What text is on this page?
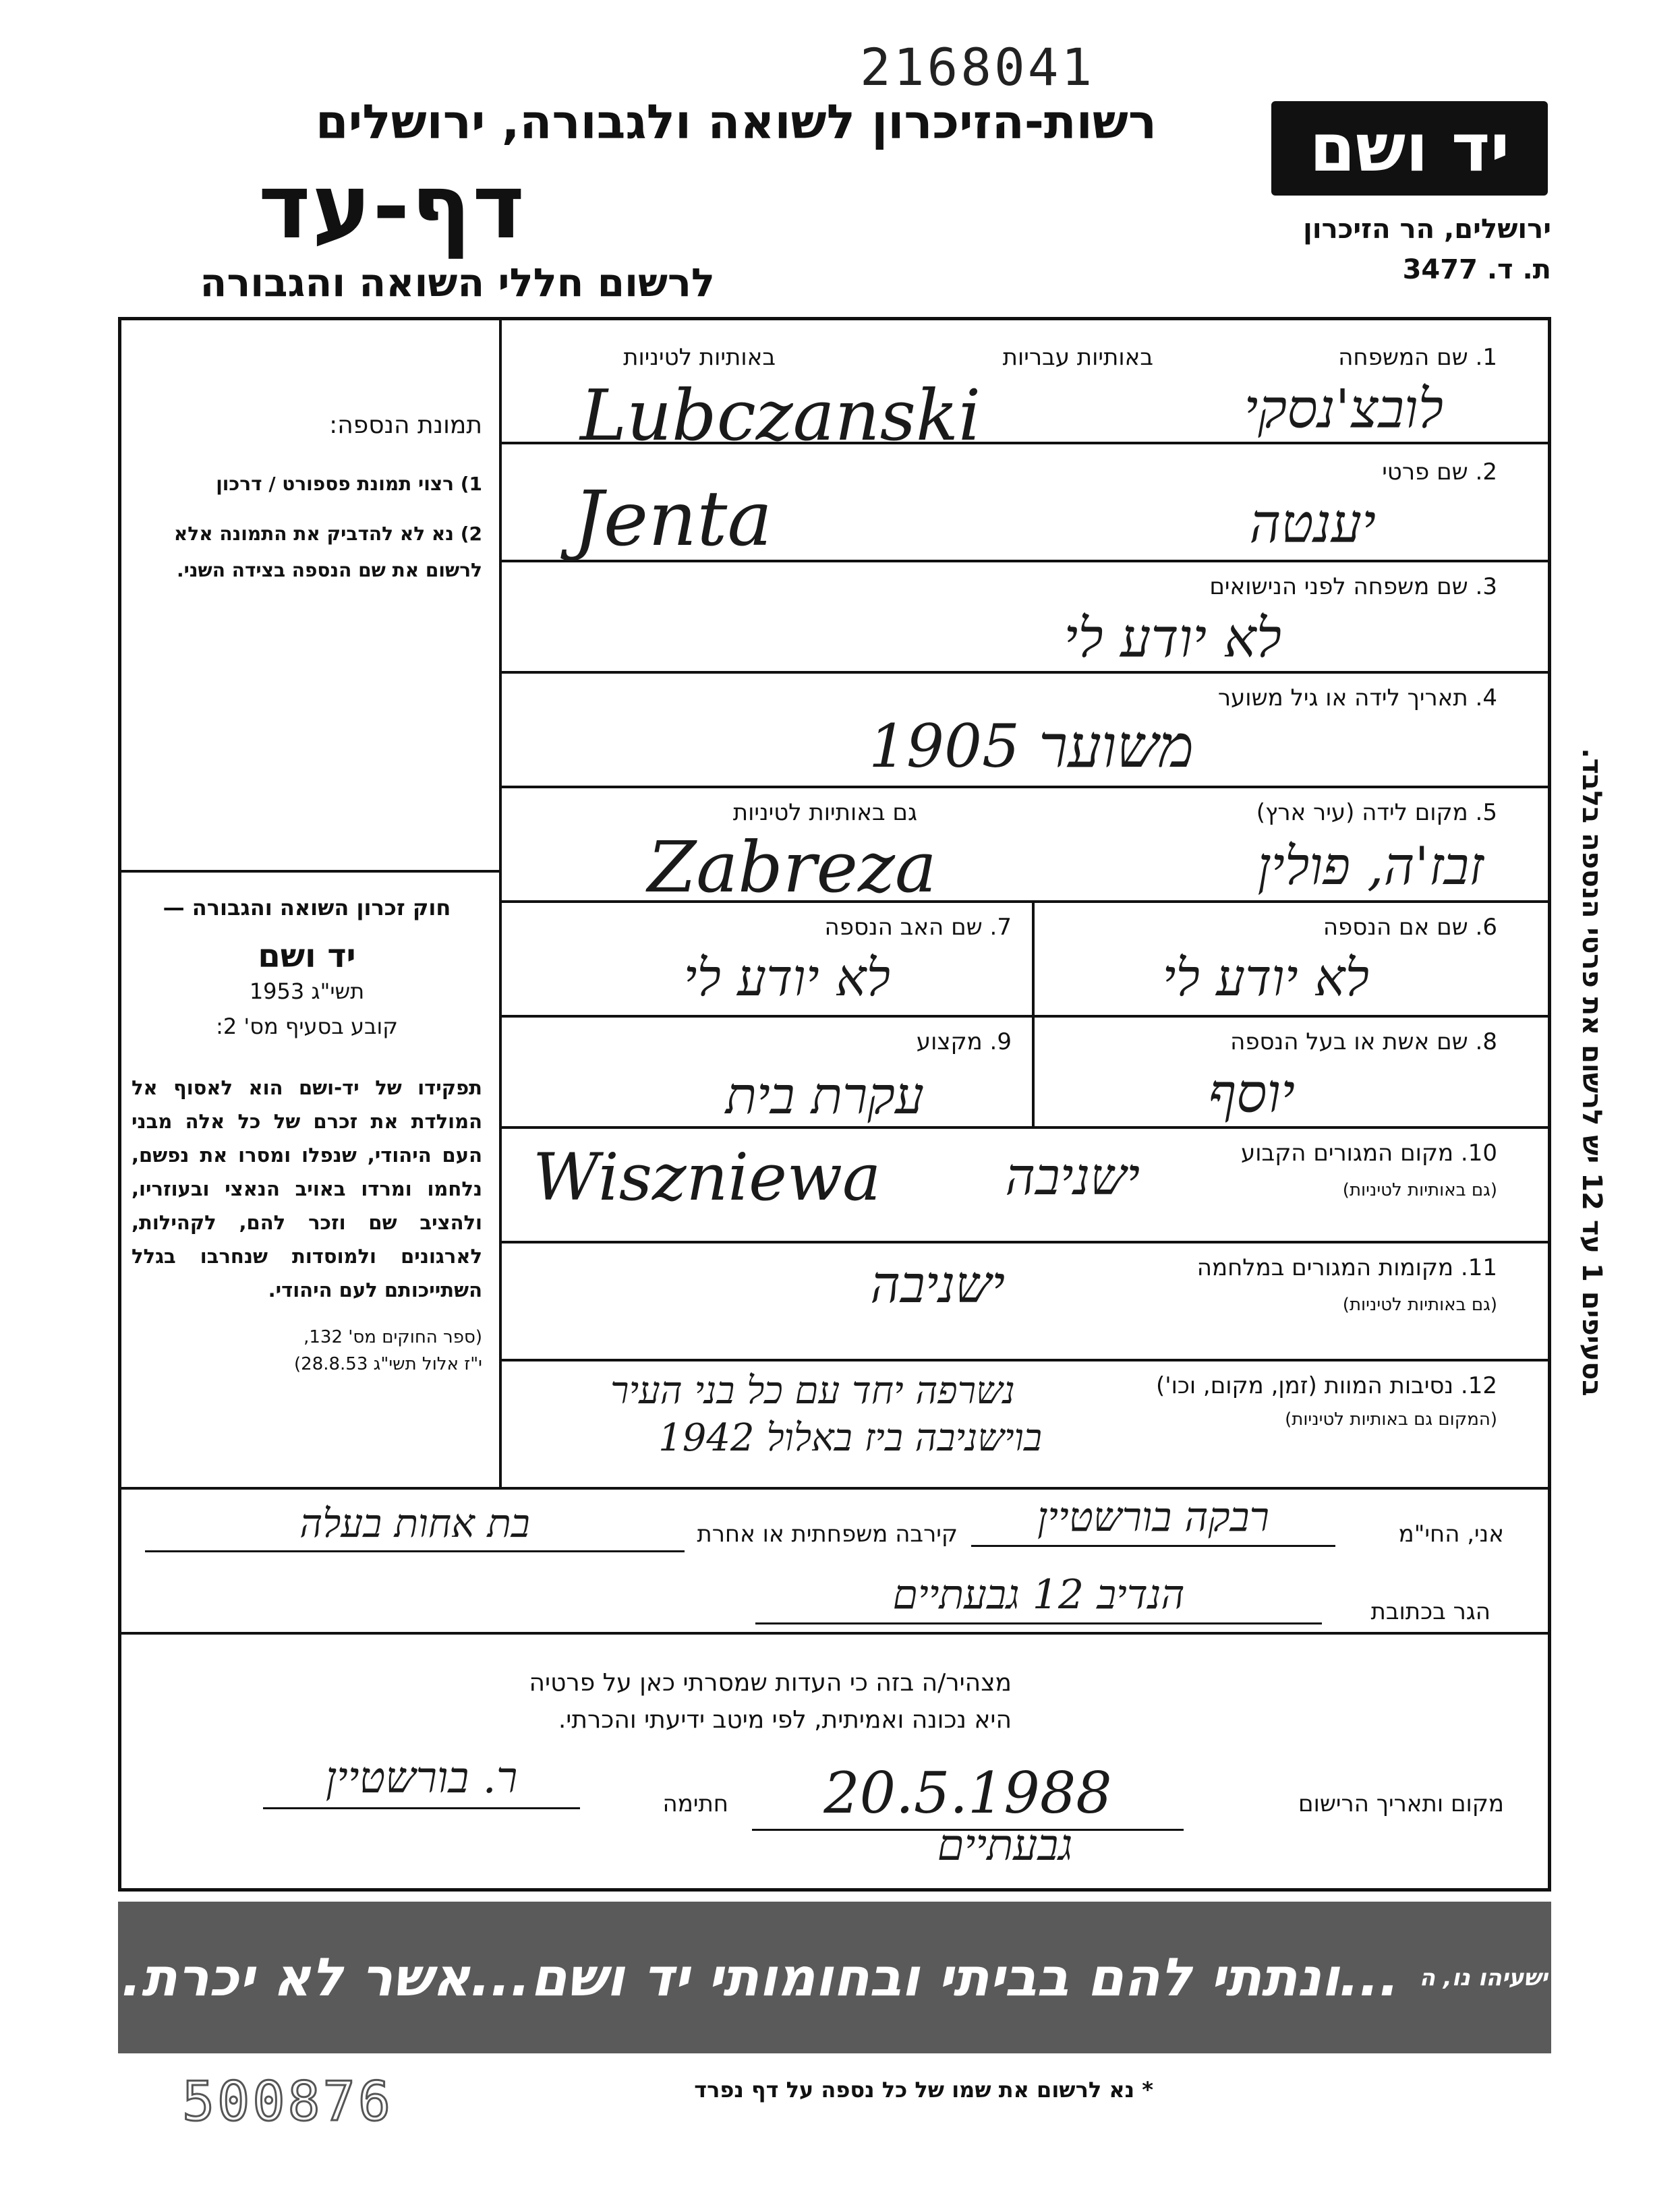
2168041
רשות-הזיכרון לשואה ולגבורה, ירושלים
דף-עד
לרשום חללי השואה והגבורה
יד ושם
ירושלים, הר הזיכרון
ת. ד. 3477
תמונת הנספה:
1) רצוי תמונת פספורט / דרכון
2) נא לא להדביק את התמונה אלא לרשום את שם הנספה בצידה השני.
חוק זכרון השואה והגבורה —
יד ושם
תשי"ג 1953
קובע בסעיף מס' 2:
תפקידו של יד-ושם הוא לאסוף אל המולדת את זכרם של כל אלה מבני העם היהודי, שנפלו ומסרו את נפשם, נלחמו ומרדו באויב הנאצי ובעוזריו, ולהציב שם וזכר להם, לקהילות, לארגונים ולמוסדות שנחרבו בגלל השתייכותם לעם היהודי.
(ספר החוקים מס' 132,
י"ז אלול תשי"ג 28.8.53)
1. שם המשפחה
באותיות עבריות
באותיות לטיניות
לובצ'נסקי
Lubczanski
2. שם פרטי
יענטה
Jenta
3. שם משפחה לפני הנישואים
לא יודע לי
4. תאריך לידה או גיל משוער
משוער 1905
5. מקום לידה (עיר ארץ)
גם באותיות לטיניות
זבז'ה, פולין
Zabreza
6. שם אם הנספה
לא יודע לי
7. שם האב הנספה
לא יודע לי
8. שם אשת או בעל הנספה
יוסף
9. מקצוע
עקרת בית
10. מקום המגורים הקבוע
(גם באותיות לטיניות)
ישניבה
Wiszniewa
11. מקומות המגורים במלחמה
(גם באותיות לטיניות)
ישניבה
12. נסיבות המוות (זמן, מקום, וכו')
(המקום גם באותיות לטיניות)
נשרפה יחד עם כל בני העיר
בוישניבה ביז באלול 1942
אני, החי"מ
רבקה בורשטיין
קירבה משפחתית או אחרת
בת אחות בעלה
הגר בכתובת
הנדיב 12 גבעתיים
מצהיר/ה בזה כי העדות שמסרתי כאן על פרטיה
היא נכונה ואמיתית, לפי מיטב ידיעתי והכרתי.
מקום ותאריך הרישום
20.5.1988
גבעתיים
חתימה
ר. בורשטיין
בסעיפים 1 עד 12 יש לרשום את פרטי הנספה בלבד.
...ונתתי להם בביתי ובחומותי יד ושם...אשר לא יכרת. ישעיהו נו, ה
500876	* נא לרשום את שמו של כל נספה על דף נפרד
